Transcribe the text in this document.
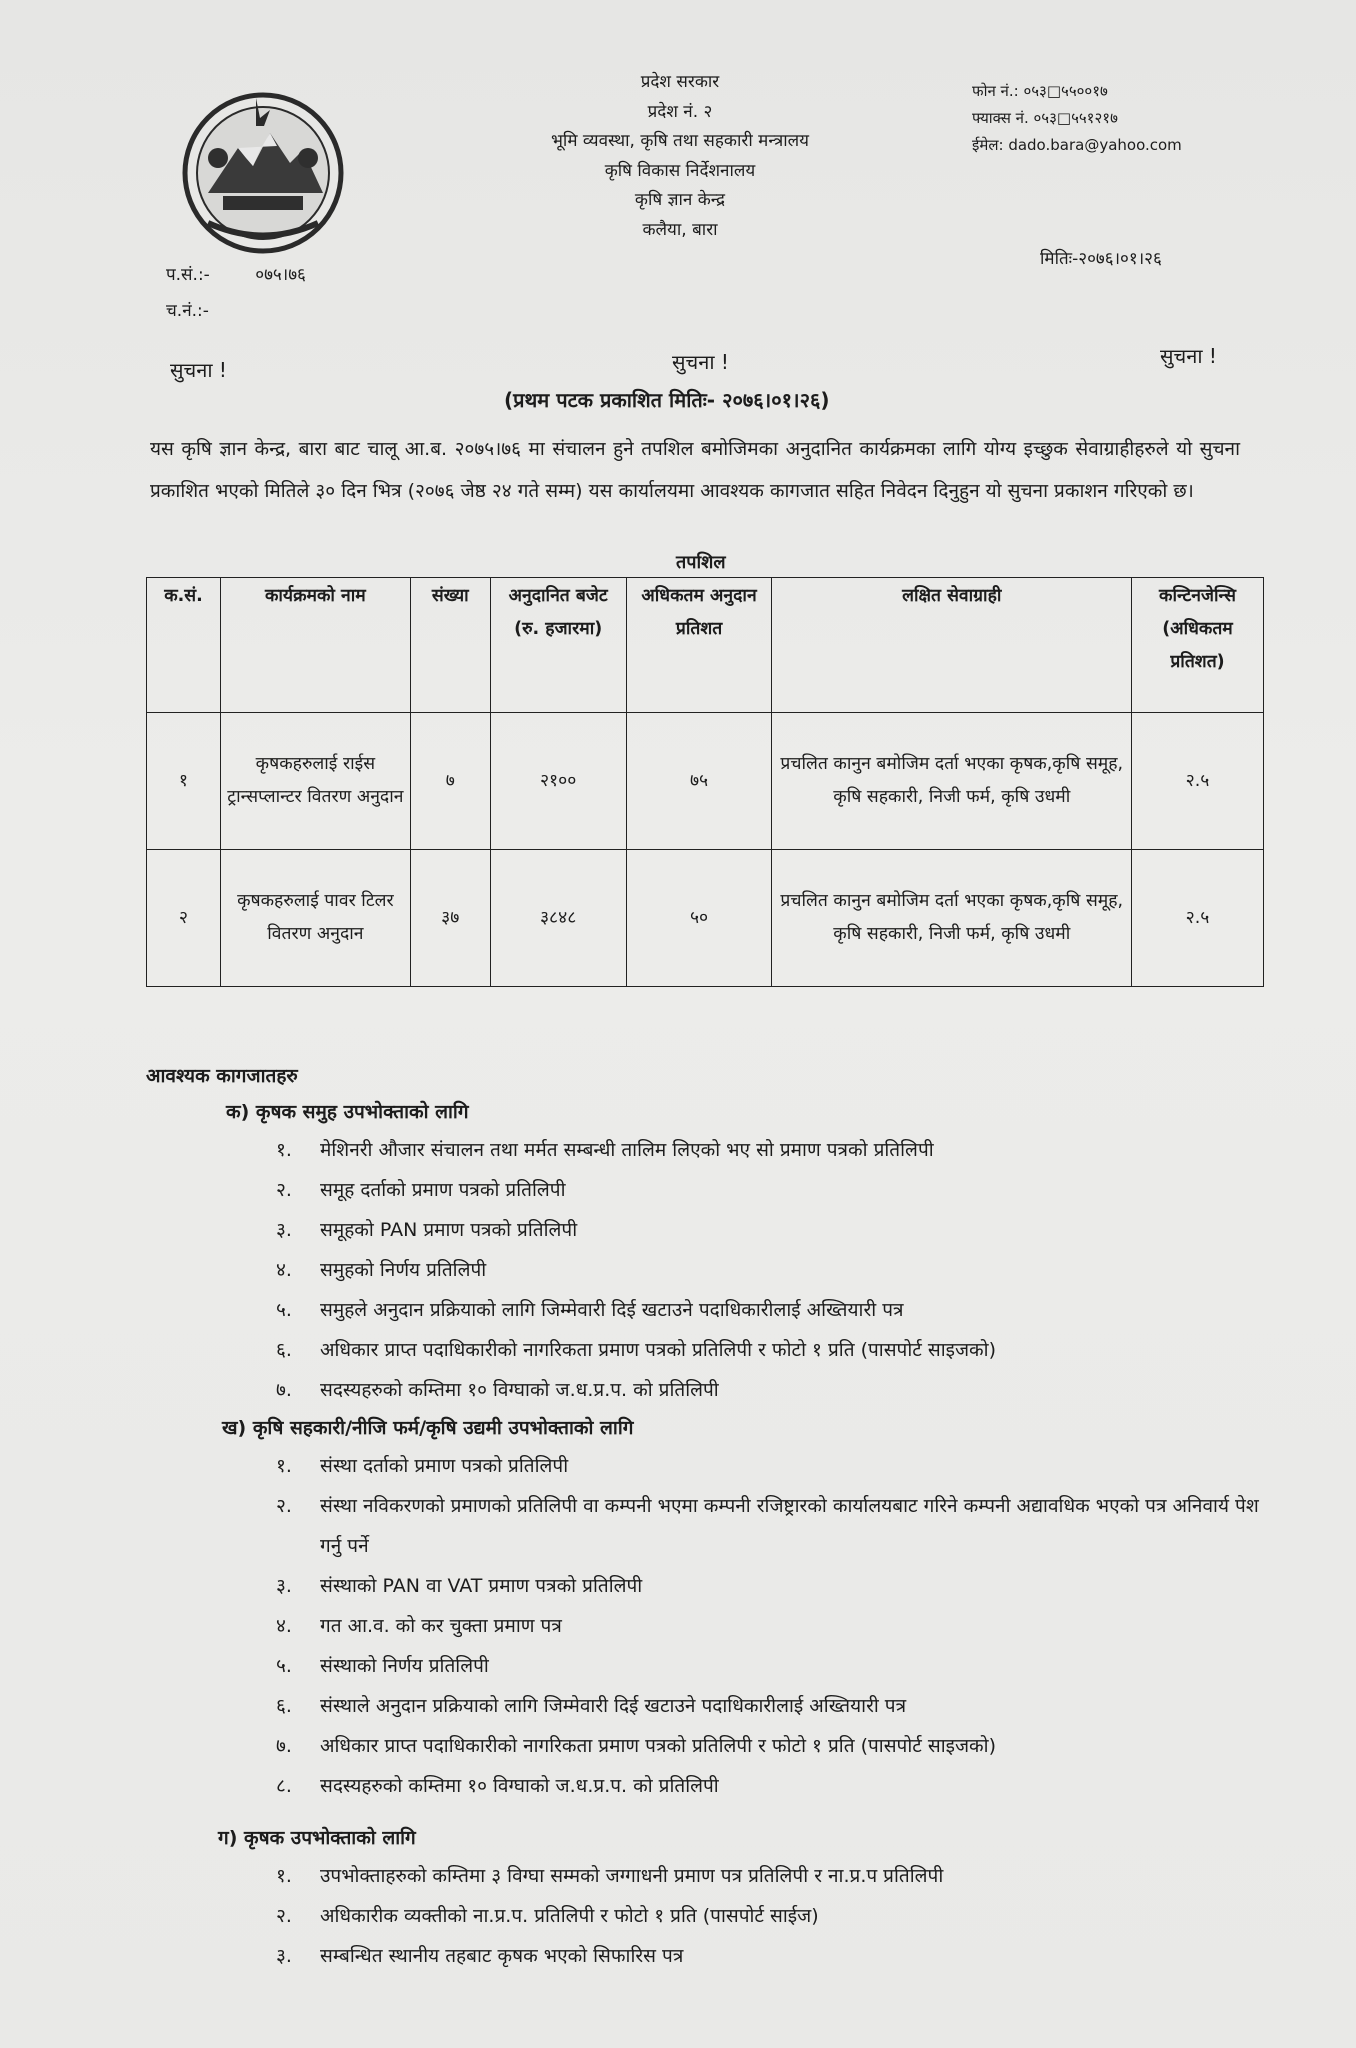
प्रदेश सरकार
प्रदेश नं. २
भूमि व्यवस्था, कृषि तथा सहकारी मन्त्रालय
कृषि विकास निर्देशनालय
कृषि ज्ञान केन्द्र
कलैया, बारा
फोन नं.: ०५३□५५००१७
फ्याक्स नं. ०५३□५५१२१७
ईमेल: dado.bara@yahoo.com
प.सं.:-	०७५।७६
च.नं.:-
मितिः-२०७६।०१।२६
सुचना !	सुचना !	सुचना !
(प्रथम पटक प्रकाशित मितिः- २०७६।०१।२६)
यस कृषि ज्ञान केन्द्र, बारा बाट चालू आ.ब. २०७५।७६ मा संचालन हुने तपशिल बमोजिमका अनुदानित कार्यक्रमका लागि योग्य इच्छुक सेवाग्राहीहरुले यो सुचना प्रकाशित भएको मितिले ३० दिन भित्र (२०७६ जेष्ठ २४ गते सम्म) यस कार्यालयमा आवश्यक कागजात सहित निवेदन दिनुहुन यो सुचना प्रकाशन गरिएको छ।
तपशिल
क.सं.	कार्यक्रमको नाम	संख्या	अनुदानित बजेट (रु. हजारमा)	अधिकतम अनुदान प्रतिशत	लक्षित सेवाग्राही	कन्टिनजेन्सि (अधिकतम प्रतिशत)
१	कृषकहरुलाई राईस ट्रान्सप्लान्टर वितरण अनुदान	७	२१००	७५	प्रचलित कानुन बमोजिम दर्ता भएका कृषक,कृषि समूह, कृषि सहकारी, निजी फर्म, कृषि उधमी	२.५
२	कृषकहरुलाई पावर टिलर वितरण अनुदान	३७	३८४८	५०	प्रचलित कानुन बमोजिम दर्ता भएका कृषक,कृषि समूह, कृषि सहकारी, निजी फर्म, कृषि उधमी	२.५
आवश्यक कागजातहरु
क) कृषक समुह उपभोक्ताको लागि
१.	मेशिनरी औजार संचालन तथा मर्मत सम्बन्धी तालिम लिएको भए सो प्रमाण पत्रको प्रतिलिपी
२.	समूह दर्ताको प्रमाण पत्रको प्रतिलिपी
३.	समूहको PAN प्रमाण पत्रको प्रतिलिपी
४.	समुहको निर्णय प्रतिलिपी
५.	समुहले अनुदान प्रक्रियाको लागि जिम्मेवारी दिई खटाउने पदाधिकारीलाई अख्तियारी पत्र
६.	अधिकार प्राप्त पदाधिकारीको नागरिकता प्रमाण पत्रको प्रतिलिपी र फोटो १ प्रति (पासपोर्ट साइजको)
७.	सदस्यहरुको कम्तिमा १० विग्घाको ज.ध.प्र.प. को प्रतिलिपी
ख) कृषि सहकारी/नीजि फर्म/कृषि उद्यमी उपभोक्ताको लागि
१.	संस्था दर्ताको प्रमाण पत्रको प्रतिलिपी
२.	संस्था नविकरणको प्रमाणको प्रतिलिपी वा कम्पनी भएमा कम्पनी रजिष्ट्रारको कार्यालयबाट गरिने कम्पनी अद्यावधिक भएको पत्र अनिवार्य पेश गर्नु पर्ने
३.	संस्थाको PAN वा VAT प्रमाण पत्रको प्रतिलिपी
४.	गत आ.व. को कर चुक्ता प्रमाण पत्र
५.	संस्थाको निर्णय प्रतिलिपी
६.	संस्थाले अनुदान प्रक्रियाको लागि जिम्मेवारी दिई खटाउने पदाधिकारीलाई अख्तियारी पत्र
७.	अधिकार प्राप्त पदाधिकारीको नागरिकता प्रमाण पत्रको प्रतिलिपी र फोटो १ प्रति (पासपोर्ट साइजको)
८.	सदस्यहरुको कम्तिमा १० विग्घाको ज.ध.प्र.प. को प्रतिलिपी
ग) कृषक उपभोक्ताको लागि
१.	उपभोक्ताहरुको कम्तिमा ३ विग्घा सम्मको जग्गाधनी प्रमाण पत्र प्रतिलिपी र ना.प्र.प प्रतिलिपी
२.	अधिकारीक व्यक्तीको ना.प्र.प. प्रतिलिपी र फोटो १ प्रति (पासपोर्ट साईज)
३.	सम्बन्धित स्थानीय तहबाट कृषक भएको सिफारिस पत्र
